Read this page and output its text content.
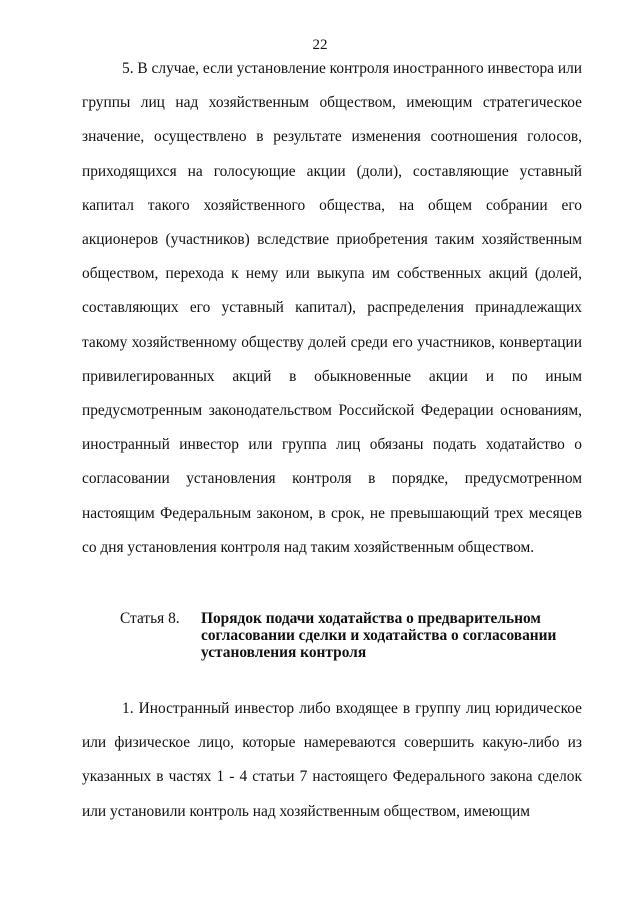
22

5. В случае, если установление контроля иностранного инвестора или группы лиц над хозяйственным обществом, имеющим стратегическое значение, осуществлено в результате изменения соотношения голосов, приходящихся на голосующие акции (доли), составляющие уставный капитал такого хозяйственного общества, на общем собрании его акционеров (участников) вследствие приобретения таким хозяйственным обществом, перехода к нему или выкупа им собственных акций (долей, составляющих его уставный капитал), распределения принадлежащих такому хозяйственному обществу долей среди его участников, конвертации привилегированных акций в обыкновенные акции и по иным предусмотренным законодательством Российской Федерации основаниям, иностранный инвестор или группа лиц обязаны подать ходатайство о согласовании установления контроля в порядке, предусмотренном настоящим Федеральным законом, в срок, не превышающий трех месяцев со дня установления контроля над таким хозяйственным обществом.

Статья 8. Порядок подачи ходатайства о предварительном согласовании сделки и ходатайства о согласовании установления контроля

1. Иностранный инвестор либо входящее в группу лиц юридическое или физическое лицо, которые намереваются совершить какую-либо из указанных в частях 1 - 4 статьи 7 настоящего Федерального закона сделок или установили контроль над хозяйственным обществом, имеющим
